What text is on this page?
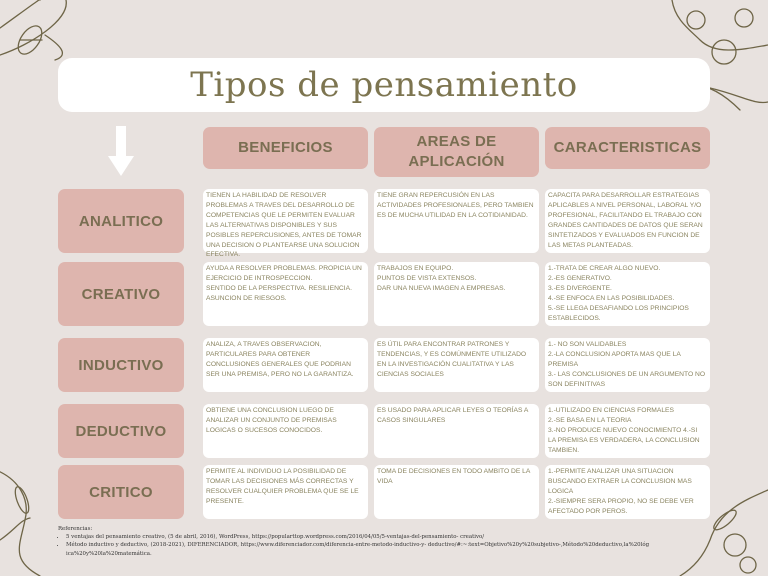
Tipos de pensamiento
BENEFICIOS	AREAS DE
APLICACIÓN
CARACTERISTICAS
ANALITICO
TIENEN LA HABILIDAD DE RESOLVER PROBLEMAS A TRAVES DEL DESARROLLO DE COMPETENCIAS QUE LE PERMITEN EVALUAR LAS ALTERNATIVAS DISPONIBLES Y SUS POSIBLES REPERCUSIONES, ANTES DE TOMAR UNA DECISION O PLANTEARSE UNA SOLUCION EFECTIVA.
TIENE GRAN REPERCUSIÓN EN LAS ACTIVIDADES PROFESIONALES, PERO TAMBIEN ES DE MUCHA UTILIDAD EN LA COTIDIANIDAD.
CAPACITA PARA DESARROLLAR ESTRATEGIAS APLICABLES A NIVEL PERSONAL, LABORAL Y/O PROFESIONAL, FACILITANDO EL TRABAJO CON GRANDES CANTIDADES DE DATOS QUE SERAN SINTETIZADOS Y EVALUADOS EN FUNCION DE LAS METAS PLANTEADAS.
CREATIVO
AYUDA A RESOLVER PROBLEMAS. PROPICIA UN EJERCICIO DE INTROSPECCION.
SENTIDO DE LA PERSPECTIVA. RESILIENCIA.
ASUNCION DE RIESGOS.
TRABAJOS EN EQUIPO.
PUNTOS DE VISTA EXTENSOS.
DAR UNA NUEVA IMAGEN A EMPRESAS.
1.-TRATA DE CREAR ALGO NUEVO.
2.-ES GENERATIVO.
3.-ES DIVERGENTE.
4.-SE ENFOCA EN LAS POSIBILIDADES.
5.-SE LLEGA DESAFIANDO LOS PRINCIPIOS ESTABLECIDOS.
INDUCTIVO
ANALIZA, A TRAVES OBSERVACION, PARTICULARES PARA OBTENER CONCLUSIONES GENERALES QUE PODRIAN SER UNA PREMISA, PERO NO LA GARANTIZA.
ES ÚTIL PARA ENCONTRAR PATRONES Y TENDENCIAS, Y ES COMÚNMENTE UTILIZADO EN LA INVESTIGACIÓN CUALITATIVA Y LAS CIENCIAS SOCIALES
1.- NO SON VALIDABLES
2.-LA CONCLUSION APORTA MAS QUE LA PREMISA
3.- LAS CONCLUSIONES DE UN ARGUMENTO NO SON DEFINITIVAS
DEDUCTIVO
OBTIENE UNA CONCLUSION LUEGO DE ANALIZAR UN CONJUNTO DE PREMISAS LOGICAS O SUCESOS CONOCIDOS.
ES USADO PARA APLICAR LEYES O TEORÍAS A CASOS SINGULARES
1.-UTILIZADO EN CIENCIAS FORMALES
2.-SE BASA EN LA TEORIA
3.-NO PRODUCE NUEVO CONOCIMIENTO 4.-SI LA PREMISA ES VERDADERA, LA CONCLUSION TAMBIEN.
CRITICO
PERMITE AL INDIVIDUO LA POSIBILIDAD DE TOMAR LAS DECISIONES MÁS CORRECTAS Y RESOLVER CUALQUIER PROBLEMA QUE SE LE PRESENTE.
TOMA DE DECISIONES EN TODO AMBITO DE LA VIDA
1.-PERMITE ANALIZAR UNA SITUACION BUSCANDO EXTRAER LA CONCLUSION MAS LOGICA
2.-SIEMPRE SERA PROPIO, NO SE DEBE VER AFECTADO POR PEROS.
Referencias:
• 5 ventajas del pensamiento creativo, (5 de abril, 2016), WordPress, https://popularttop.wordpress.com/2016/04/05/5-ventajas-del-pensamiento- creativo/
• Método inductivo y deductivo, (2018-2021), DIFERENCIADOR, https://www.diferenciador.com/diferencia-entre-metodo-inductivo-y- deductivo/#:~:text=Objetivo%20y%20subjetivo-,Método%20deductivo,la%20lóg ica%20y%20la%20matemática.
